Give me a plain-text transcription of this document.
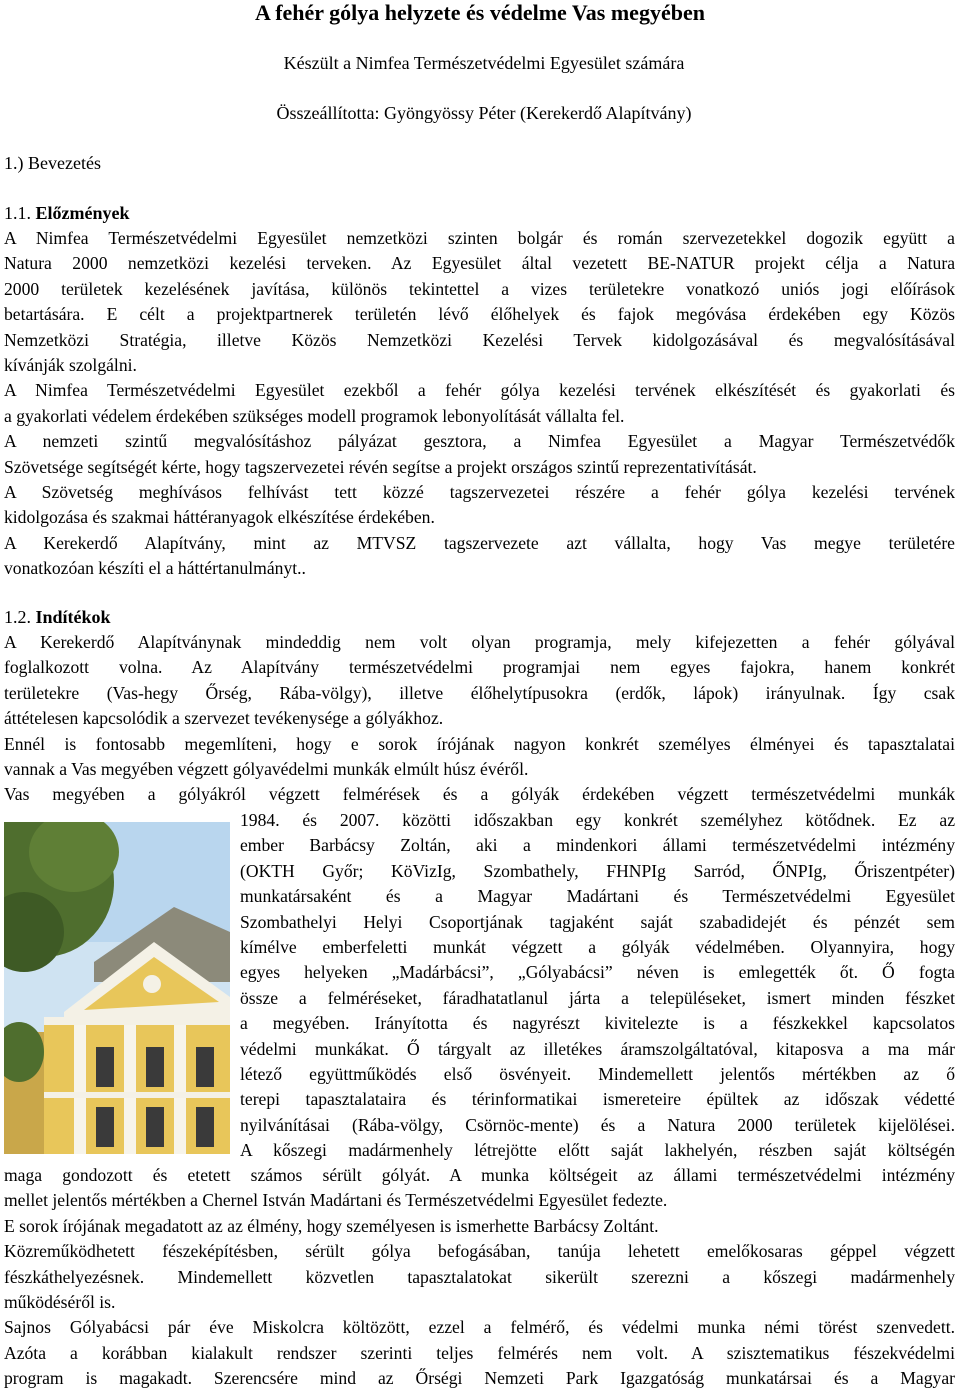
A fehér gólya helyzete és védelme Vas megyében
Készült a Nimfea Természetvédelmi Egyesület számára
Összeállította: Gyöngyössy Péter (Kerekerdő Alapítvány)
1.) Bevezetés
1.1. Előzmények
A Nimfea Természetvédelmi Egyesület nemzetközi szinten bolgár és román szervezetekkel dogozik együtt a
Natura 2000 nemzetközi kezelési terveken. Az Egyesület által vezetett BE-NATUR projekt célja a Natura
2000 területek kezelésének javítása, különös tekintettel a vizes területekre vonatkozó uniós jogi előírások
betartására. E célt a projektpartnerek területén lévő élőhelyek és fajok megóvása érdekében egy Közös
Nemzetközi Stratégia, illetve Közös Nemzetközi Kezelési Tervek kidolgozásával és megvalósításával
kívánják szolgálni.
A Nimfea Természetvédelmi Egyesület ezekből a fehér gólya kezelési tervének elkészítését és gyakorlati és
a gyakorlati védelem érdekében szükséges modell programok lebonyolítását vállalta fel.
A nemzeti szintű megvalósításhoz pályázat gesztora, a Nimfea Egyesület a Magyar Természetvédők
Szövetsége segítségét kérte, hogy tagszervezetei révén segítse a projekt országos szintű reprezentativítását.
A Szövetség meghívásos felhívást tett közzé tagszervezetei részére a fehér gólya kezelési tervének
kidolgozása és szakmai háttéranyagok elkészítése érdekében.
A Kerekerdő Alapítvány, mint az MTVSZ tagszervezete azt vállalta, hogy Vas megye területére
vonatkozóan készíti el a háttértanulmányt..
1.2. Indítékok
A Kerekerdő Alapítványnak mindeddig nem volt olyan programja, mely kifejezetten a fehér gólyával
foglalkozott volna. Az Alapítvány természetvédelmi programjai nem egyes fajokra, hanem konkrét
területekre (Vas-hegy Őrség, Rába-völgy), illetve élőhelytípusokra (erdők, lápok) irányulnak. Így csak
áttételesen kapcsolódik a szervezet tevékenysége a gólyákhoz.
Ennél is fontosabb megemlíteni, hogy e sorok írójának nagyon konkrét személyes élményei és tapasztalatai
vannak a Vas megyében végzett gólyavédelmi munkák elmúlt húsz évéről.
Vas megyében a gólyákról végzett felmérések és a gólyák érdekében végzett természetvédelmi munkák
1984. és 2007. közötti időszakban egy konkrét személyhez kötődnek. Ez az
ember Barbácsy Zoltán, aki a mindenkori állami természetvédelmi intézmény
(OKTH Győr; KöVizIg, Szombathely, FHNPIg Sarród, ŐNPIg, Őriszentpéter)
munkatársaként és a Magyar Madártani és Természetvédelmi Egyesület
Szombathelyi Helyi Csoportjának tagjaként saját szabadidejét és pénzét sem
kímélve emberfeletti munkát végzett a gólyák védelmében. Olyannyira, hogy
egyes helyeken „Madárbácsi”, „Gólyabácsi” néven is emlegették őt. Ő fogta
össze a felméréseket, fáradhatatlanul járta a településeket, ismert minden fészket
a megyében. Irányította és nagyrészt kivitelezte is a fészkekkel kapcsolatos
védelmi munkákat. Ő tárgyalt az illetékes áramszolgáltatóval, kitaposva a ma már
létező együttműködés első ösvényeit. Mindemellett jelentős mértékben az ő
terepi tapasztalataira és térinformatikai ismereteire épültek az időszak védetté
nyilvánításai (Rába-völgy, Csörnöc-mente) és a Natura 2000 területek kijelölései.
A kőszegi madármenhely létrejötte előtt saját lakhelyén, részben saját költségén
maga gondozott és etetett számos sérült gólyát. A munka költségeit az állami természetvédelmi intézmény
mellet jelentős mértékben a Chernel István Madártani és Természetvédelmi Egyesület fedezte.
E sorok írójának megadatott az az élmény, hogy személyesen is ismerhette Barbácsy Zoltánt.
Közreműködhetett fészeképítésben, sérült gólya befogásában, tanúja lehetett emelőkosaras géppel végzett
fészkáthelyezésnek. Mindemellett közvetlen tapasztalatokat sikerült szerezni a kőszegi madármenhely
működéséről is.
Sajnos Gólyabácsi pár éve Miskolcra költözött, ezzel a felmérő, és védelmi munka némi törést szenvedett.
Azóta a korábban kialakult rendszer szerinti teljes felmérés nem volt. A szisztematikus fészekvédelmi
program is magakadt. Szerencsére mind az Őrségi Nemzeti Park Igazgatóság munkatársai és a Magyar
